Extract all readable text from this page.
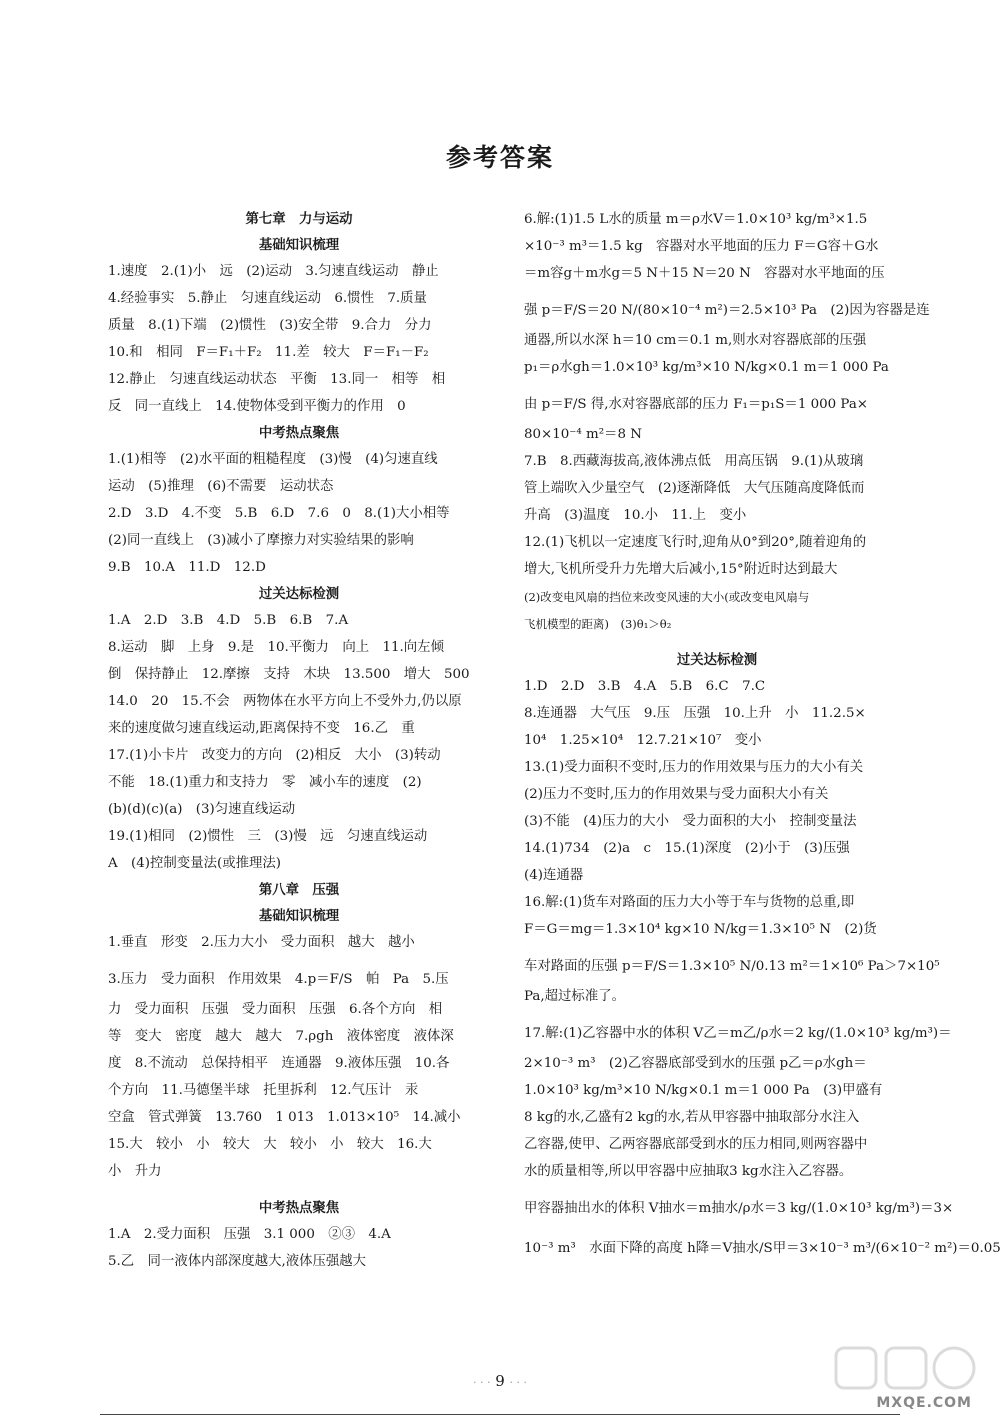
参考答案
第七章　力与运动
基础知识梳理
1.速度　2.(1)小　远　(2)运动　3.匀速直线运动　静止
4.经验事实　5.静止　匀速直线运动　6.惯性　7.质量
质量　8.(1)下端　(2)惯性　(3)安全带　9.合力　分力
10.和　相同　F＝F₁＋F₂　11.差　较大　F＝F₁－F₂
12.静止　匀速直线运动状态　平衡　13.同一　相等　相
反　同一直线上　14.使物体受到平衡力的作用　0
中考热点聚焦
1.(1)相等　(2)水平面的粗糙程度　(3)慢　(4)匀速直线
运动　(5)推理　(6)不需要　运动状态
2.D　3.D　4.不变　5.B　6.D　7.6　0　8.(1)大小相等
(2)同一直线上　(3)减小了摩擦力对实验结果的影响
9.B　10.A　11.D　12.D
过关达标检测
1.A　2.D　3.B　4.D　5.B　6.B　7.A
8.运动　脚　上身　9.是　10.平衡力　向上　11.向左倾
倒　保持静止　12.摩擦　支持　木块　13.500　增大　500
14.0　20　15.不会　两物体在水平方向上不受外力,仍以原
来的速度做匀速直线运动,距离保持不变　16.乙　重
17.(1)小卡片　改变力的方向　(2)相反　大小　(3)转动
不能　18.(1)重力和支持力　零　减小车的速度　(2)
(b)(d)(c)(a)　(3)匀速直线运动
19.(1)相同　(2)惯性　三　(3)慢　远　匀速直线运动
A　(4)控制变量法(或推理法)
第八章　压强
基础知识梳理
1.垂直　形变　2.压力大小　受力面积　越大　越小
3.压力　受力面积　作用效果　4.p＝F/S　帕　Pa　5.压
力　受力面积　压强　受力面积　压强　6.各个方向　相
等　变大　密度　越大　越大　7.ρgh　液体密度　液体深
度　8.不流动　总保持相平　连通器　9.液体压强　10.各
个方向　11.马德堡半球　托里拆利　12.气压计　汞
空盒　管式弹簧　13.760　1 013　1.013×10⁵　14.减小
15.大　较小　小　较大　大　较小　小　较大　16.大
小　升力
中考热点聚焦
1.A　2.受力面积　压强　3.1 000　②③　4.A
5.乙　同一液体内部深度越大,液体压强越大
6.解:(1)1.5 L水的质量 m＝ρ水V＝1.0×10³ kg/m³×1.5
×10⁻³ m³＝1.5 kg　容器对水平地面的压力 F＝G容＋G水
＝m容g＋m水g＝5 N＋15 N＝20 N　容器对水平地面的压
强 p＝F/S＝20 N/(80×10⁻⁴ m²)＝2.5×10³ Pa　(2)因为容器是连
通器,所以水深 h＝10 cm＝0.1 m,则水对容器底部的压强
p₁＝ρ水gh＝1.0×10³ kg/m³×10 N/kg×0.1 m＝1 000 Pa
由 p＝F/S 得,水对容器底部的压力 F₁＝p₁S＝1 000 Pa×
80×10⁻⁴ m²＝8 N
7.B　8.西藏海拔高,液体沸点低　用高压锅　9.(1)从玻璃
管上端吹入少量空气　(2)逐渐降低　大气压随高度降低而
升高　(3)温度　10.小　11.上　变小
12.(1)飞机以一定速度飞行时,迎角从0°到20°,随着迎角的
增大,飞机所受升力先增大后减小,15°附近时达到最大
(2)改变电风扇的挡位来改变风速的大小(或改变电风扇与
飞机模型的距离)　(3)θ₁＞θ₂
过关达标检测
1.D　2.D　3.B　4.A　5.B　6.C　7.C
8.连通器　大气压　9.压　压强　10.上升　小　11.2.5×
10⁴　1.25×10⁴　12.7.21×10⁷　变小
13.(1)受力面积不变时,压力的作用效果与压力的大小有关
(2)压力不变时,压力的作用效果与受力面积大小有关
(3)不能　(4)压力的大小　受力面积的大小　控制变量法
14.(1)734　(2)a　c　15.(1)深度　(2)小于　(3)压强
(4)连通器
16.解:(1)货车对路面的压力大小等于车与货物的总重,即
F＝G＝mg＝1.3×10⁴ kg×10 N/kg＝1.3×10⁵ N　(2)货
车对路面的压强 p＝F/S＝1.3×10⁵ N/0.13 m²＝1×10⁶ Pa＞7×10⁵
Pa,超过标准了。
17.解:(1)乙容器中水的体积 V乙＝m乙/ρ水＝2 kg/(1.0×10³ kg/m³)＝
2×10⁻³ m³　(2)乙容器底部受到水的压强 p乙＝ρ水gh＝
1.0×10³ kg/m³×10 N/kg×0.1 m＝1 000 Pa　(3)甲盛有
8 kg的水,乙盛有2 kg的水,若从甲容器中抽取部分水注入
乙容器,使甲、乙两容器底部受到水的压力相同,则两容器中
水的质量相等,所以甲容器中应抽取3 kg水注入乙容器。
甲容器抽出水的体积 V抽水＝m抽水/ρ水＝3 kg/(1.0×10³ kg/m³)＝3×
10⁻³ m³　水面下降的高度 h降＝V抽水/S甲＝3×10⁻³ m³/(6×10⁻² m²)＝0.05
· · · 9 · · ·
MXQE.COM
